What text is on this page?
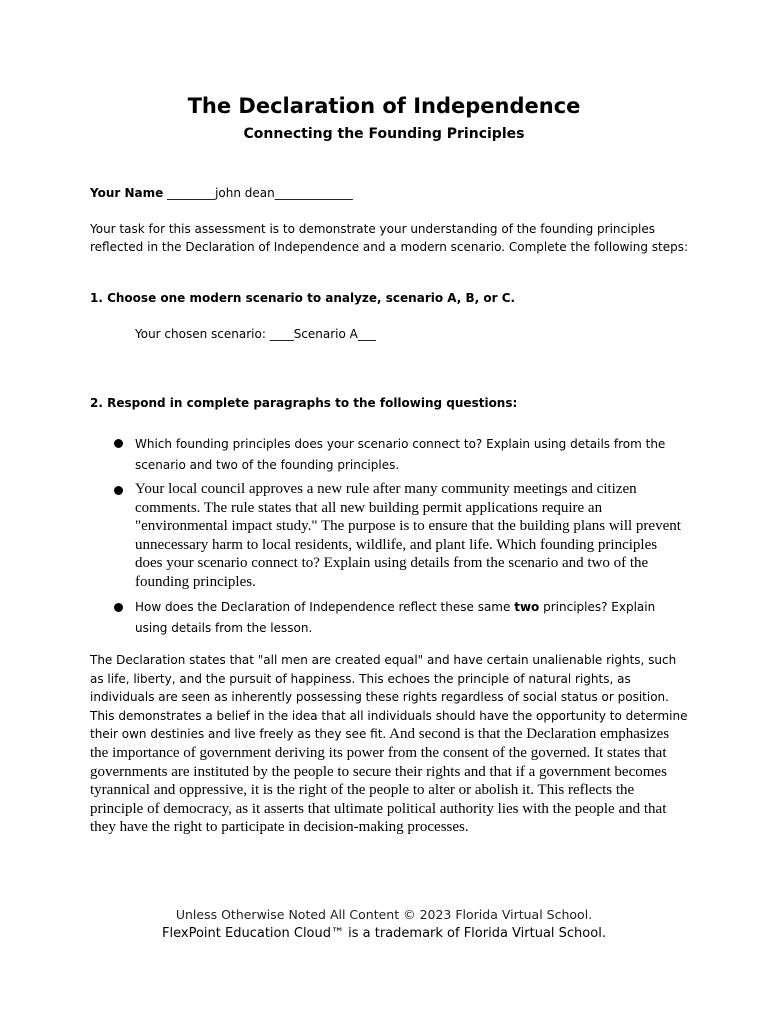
The Declaration of Independence
Connecting the Founding Principles
Your Name ________john dean_____________
Your task for this assessment is to demonstrate your understanding of the founding principles reflected in the Declaration of Independence and a modern scenario. Complete the following steps:
1. Choose one modern scenario to analyze, scenario A, B, or C.
Your chosen scenario: ____Scenario A___
2. Respond in complete paragraphs to the following questions:
Which founding principles does your scenario connect to? Explain using details from the scenario and two of the founding principles.
Your local council approves a new rule after many community meetings and citizen comments. The rule states that all new building permit applications require an "environmental impact study." The purpose is to ensure that the building plans will prevent unnecessary harm to local residents, wildlife, and plant life. Which founding principles does your scenario connect to? Explain using details from the scenario and two of the founding principles.
How does the Declaration of Independence reflect these same two principles? Explain using details from the lesson.
The Declaration states that "all men are created equal" and have certain unalienable rights, such as life, liberty, and the pursuit of happiness. This echoes the principle of natural rights, as individuals are seen as inherently possessing these rights regardless of social status or position. This demonstrates a belief in the idea that all individuals should have the opportunity to determine their own destinies and live freely as they see fit. And second is that the Declaration emphasizes the importance of government deriving its power from the consent of the governed. It states that governments are instituted by the people to secure their rights and that if a government becomes tyrannical and oppressive, it is the right of the people to alter or abolish it. This reflects the principle of democracy, as it asserts that ultimate political authority lies with the people and that they have the right to participate in decision-making processes.
Unless Otherwise Noted All Content © 2023 Florida Virtual School.
FlexPoint Education Cloud™ is a trademark of Florida Virtual School.
